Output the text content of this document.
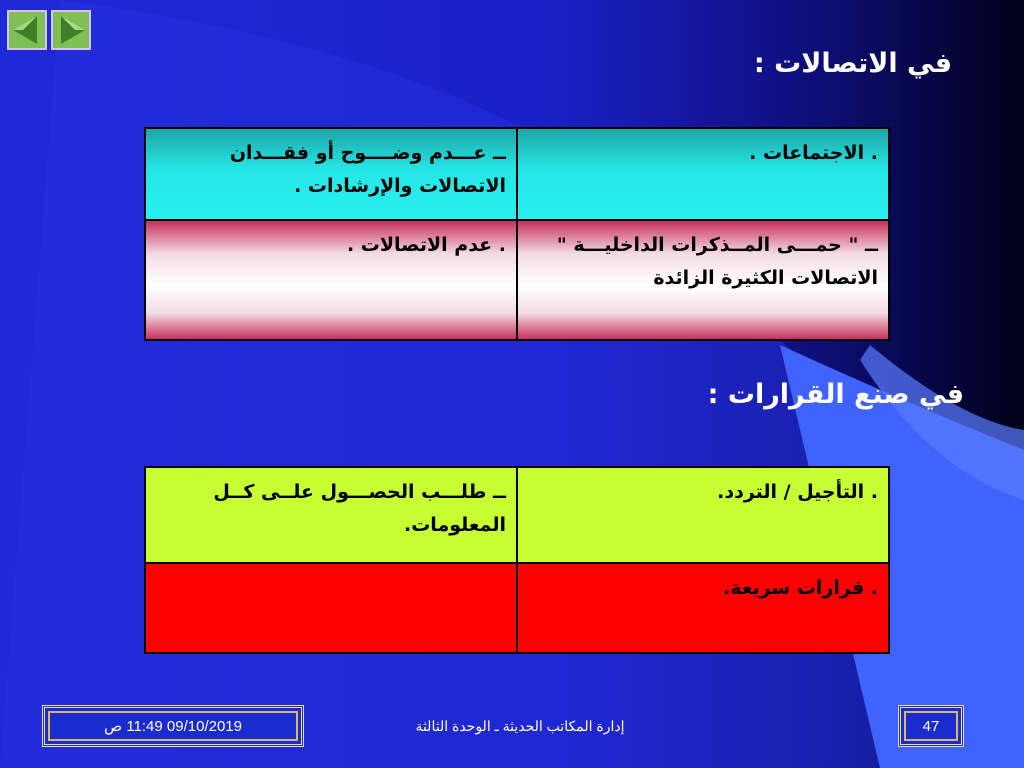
في الاتصالات :
. الاجتماعات .	ــ عـــدم وضــــوح أو فقـــدان الاتصالات والإرشادات .
ــ " حمـــى المــذكرات الداخليـــة " الاتصالات الكثيرة الزائدة	. عدم الاتصالات .
في صنع القرارات :
. التأجيل / التردد.	ــ طلـــب الحصـــول علــى كــل المعلومات.
. قرارات سريعة.	
09/10/2019 11:49 ص	إدارة المكاتب الحديثة ـ الوحدة الثالثة	47
